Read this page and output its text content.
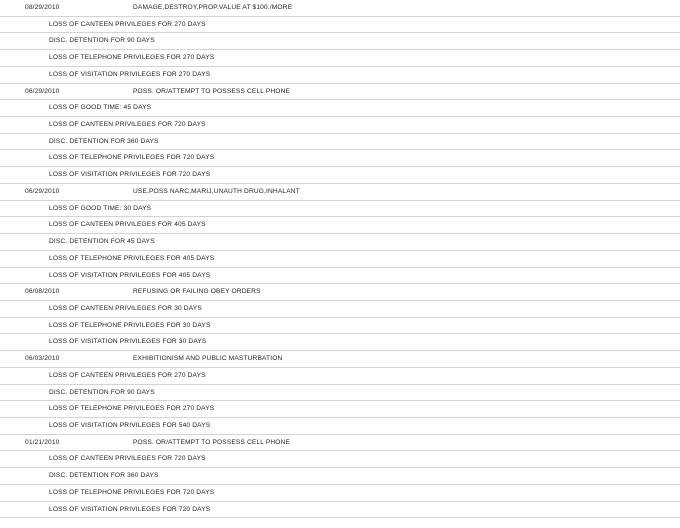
08/29/2010	DAMAGE,DESTROY,PROP.VALUE AT $100./MORE
LOSS OF CANTEEN PRIVILEGES FOR 270 DAYS
DISC. DETENTION FOR 90 DAYS
LOSS OF TELEPHONE PRIVILEGES FOR 270 DAYS
LOSS OF VISITATION PRIVILEGES FOR 270 DAYS
06/29/2010	POSS. OR/ATTEMPT TO POSSESS CELL PHONE
LOSS OF GOOD TIME: 45 DAYS
LOSS OF CANTEEN PRIVILEGES FOR 720 DAYS
DISC. DETENTION FOR 360 DAYS
LOSS OF TELEPHONE PRIVILEGES FOR 720 DAYS
LOSS OF VISITATION PRIVILEGES FOR 720 DAYS
06/29/2010	USE,POSS NARC,MARIJ,UNAUTH DRUG,INHALANT
LOSS OF GOOD TIME: 30 DAYS
LOSS OF CANTEEN PRIVILEGES FOR 405 DAYS
DISC. DETENTION FOR 45 DAYS
LOSS OF TELEPHONE PRIVILEGES FOR 405 DAYS
LOSS OF VISITATION PRIVILEGES FOR 405 DAYS
06/08/2010	REFUSING OR FAILING OBEY ORDERS
LOSS OF CANTEEN PRIVILEGES FOR 30 DAYS
LOSS OF TELEPHONE PRIVILEGES FOR 30 DAYS
LOSS OF VISITATION PRIVILEGES FOR 30 DAYS
06/03/2010	EXHIBITIONISM AND PUBLIC MASTURBATION
LOSS OF CANTEEN PRIVILEGES FOR 270 DAYS
DISC. DETENTION FOR 90 DAYS
LOSS OF TELEPHONE PRIVILEGES FOR 270 DAYS
LOSS OF VISITATION PRIVILEGES FOR 540 DAYS
01/21/2010	POSS. OR/ATTEMPT TO POSSESS CELL PHONE
LOSS OF CANTEEN PRIVILEGES FOR 720 DAYS
DISC. DETENTION FOR 360 DAYS
LOSS OF TELEPHONE PRIVILEGES FOR 720 DAYS
LOSS OF VISITATION PRIVILEGES FOR 720 DAYS
